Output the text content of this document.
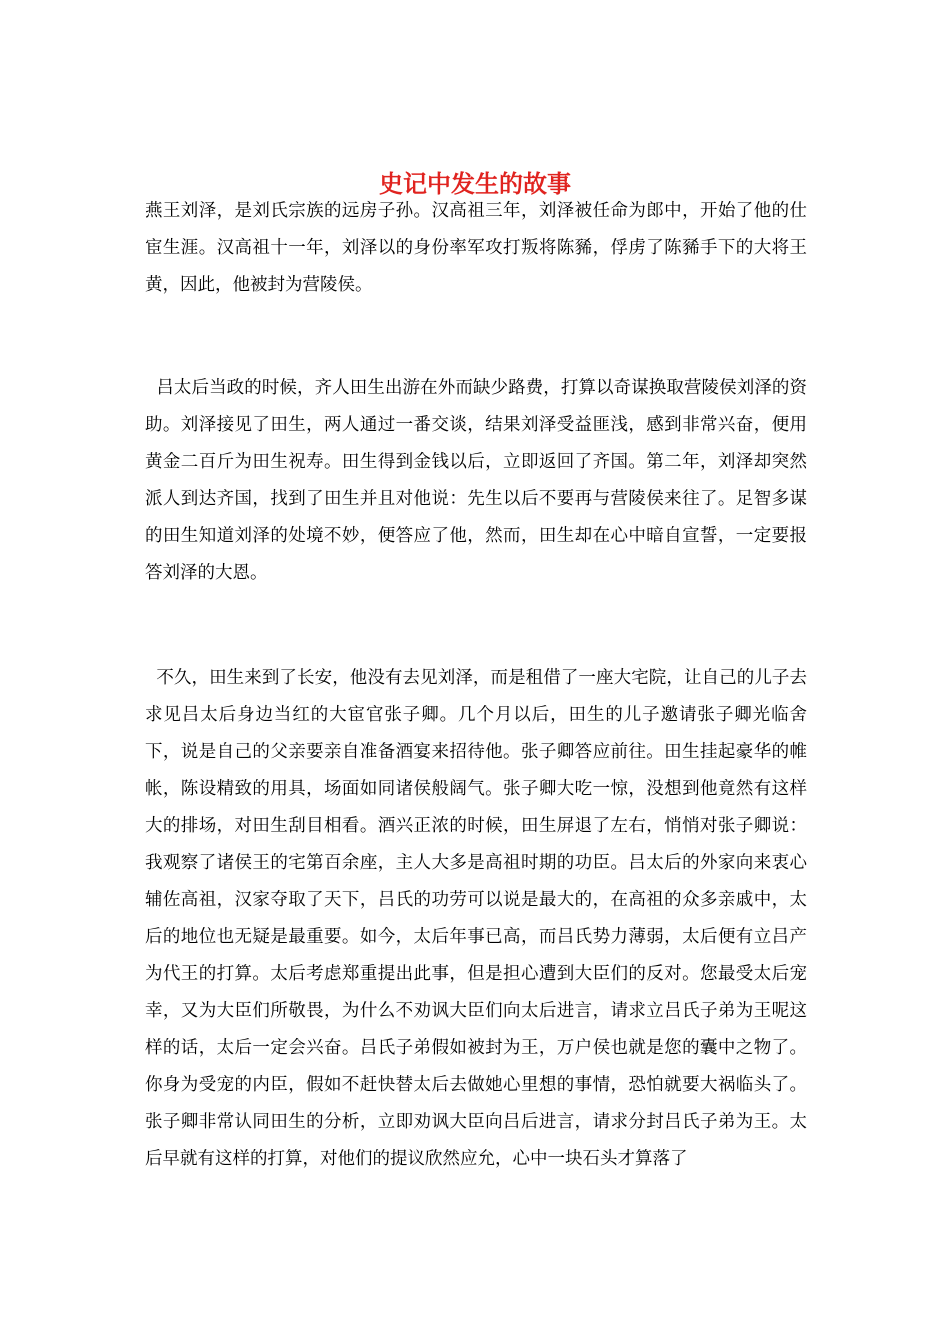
史记中发生的故事

燕王刘泽，是刘氏宗族的远房子孙。汉高祖三年，刘泽被任命为郎中，开始了他的仕宦生涯。汉高祖十一年，刘泽以的身份率军攻打叛将陈豨，俘虏了陈豨手下的大将王黄，因此，他被封为营陵侯。

吕太后当政的时候，齐人田生出游在外而缺少路费，打算以奇谋换取营陵侯刘泽的资助。刘泽接见了田生，两人通过一番交谈，结果刘泽受益匪浅，感到非常兴奋，便用黄金二百斤为田生祝寿。田生得到金钱以后，立即返回了齐国。第二年，刘泽却突然派人到达齐国，找到了田生并且对他说：先生以后不要再与营陵侯来往了。足智多谋的田生知道刘泽的处境不妙，便答应了他，然而，田生却在心中暗自宣誓，一定要报答刘泽的大恩。

不久，田生来到了长安，他没有去见刘泽，而是租借了一座大宅院，让自己的儿子去求见吕太后身边当红的大宦官张子卿。几个月以后，田生的儿子邀请张子卿光临舍下，说是自己的父亲要亲自准备酒宴来招待他。张子卿答应前往。田生挂起豪华的帷帐，陈设精致的用具，场面如同诸侯般阔气。张子卿大吃一惊，没想到他竟然有这样大的排场，对田生刮目相看。酒兴正浓的时候，田生屏退了左右，悄悄对张子卿说：我观察了诸侯王的宅第百余座，主人大多是高祖时期的功臣。吕太后的外家向来衷心辅佐高祖，汉家夺取了天下，吕氏的功劳可以说是最大的，在高祖的众多亲戚中，太后的地位也无疑是最重要。如今，太后年事已高，而吕氏势力薄弱，太后便有立吕产为代王的打算。太后考虑郑重提出此事，但是担心遭到大臣们的反对。您最受太后宠幸，又为大臣们所敬畏，为什么不劝讽大臣们向太后进言，请求立吕氏子弟为王呢这样的话，太后一定会兴奋。吕氏子弟假如被封为王，万户侯也就是您的囊中之物了。你身为受宠的内臣，假如不赶快替太后去做她心里想的事情，恐怕就要大祸临头了。张子卿非常认同田生的分析，立即劝讽大臣向吕后进言，请求分封吕氏子弟为王。太后早就有这样的打算，对他们的提议欣然应允，心中一块石头才算落了
